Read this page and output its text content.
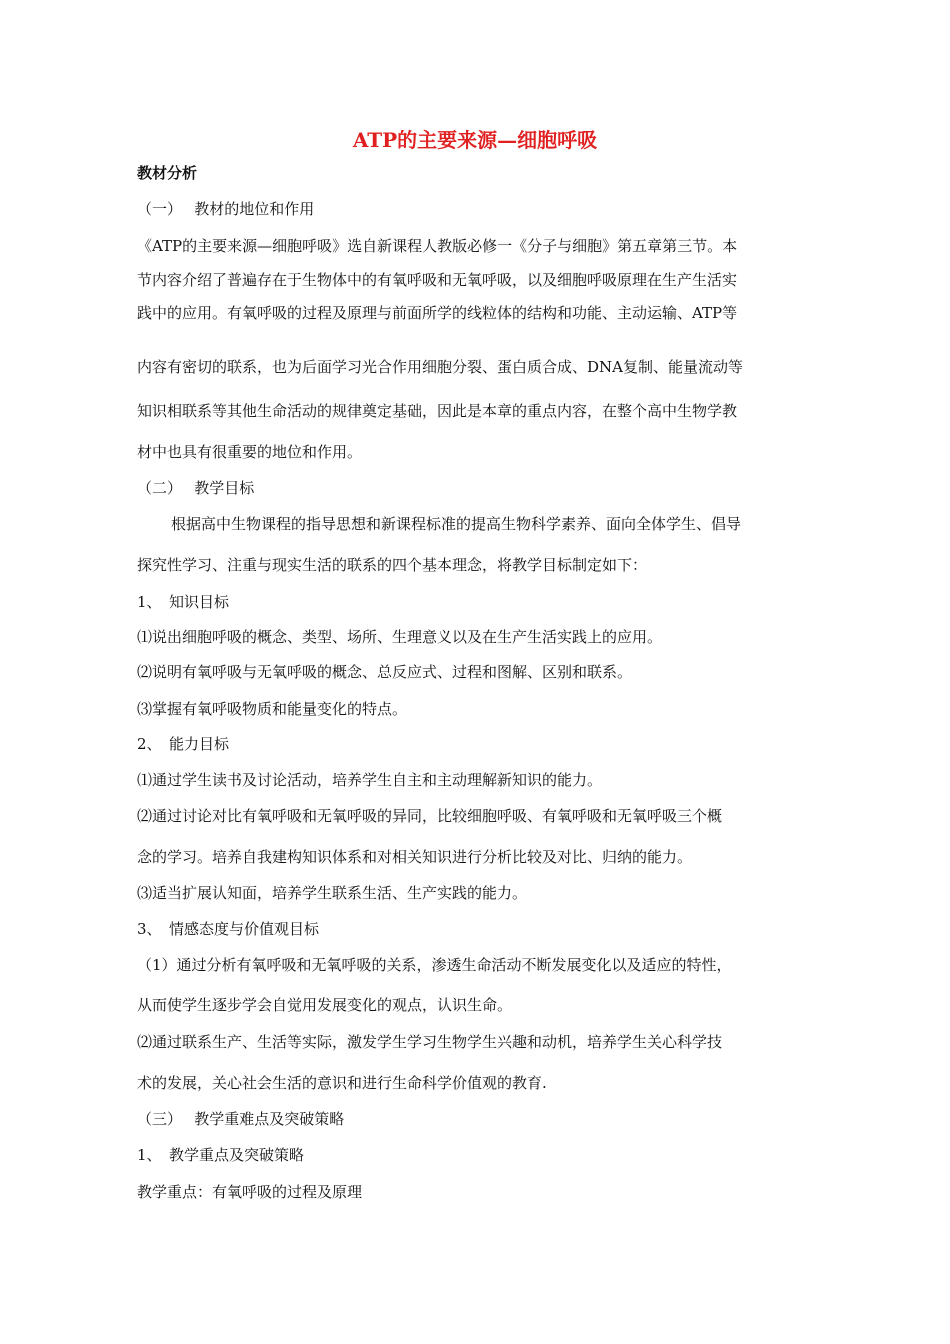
ATP的主要来源—细胞呼吸

教材分析

（一）　 教材的地位和作用

《ATP的主要来源—细胞呼吸》选自新课程人教版必修一《分子与细胞》第五章第三节。本

节内容介绍了普遍存在于生物体中的有氧呼吸和无氧呼吸，以及细胞呼吸原理在生产生活实

践中的应用。有氧呼吸的过程及原理与前面所学的线粒体的结构和功能、主动运输、ATP等

内容有密切的联系，也为后面学习光合作用细胞分裂、蛋白质合成、DNA复制、能量流动等

知识相联系等其他生命活动的规律奠定基础，因此是本章的重点内容，在整个高中生物学教

材中也具有很重要的地位和作用。

（二）　 教学目标

根据高中生物课程的指导思想和新课程标准的提高生物科学素养、面向全体学生、倡导

探究性学习、注重与现实生活的联系的四个基本理念，将教学目标制定如下：

1、　知识目标

⑴说出细胞呼吸的概念、类型、场所、生理意义以及在生产生活实践上的应用。

⑵说明有氧呼吸与无氧呼吸的概念、总反应式、过程和图解、区别和联系。

⑶掌握有氧呼吸物质和能量变化的特点。

2、　能力目标

⑴通过学生读书及讨论活动，培养学生自主和主动理解新知识的能力。

⑵通过讨论对比有氧呼吸和无氧呼吸的异同，比较细胞呼吸、有氧呼吸和无氧呼吸三个概

念的学习。培养自我建构知识体系和对相关知识进行分析比较及对比、归纳的能力。

⑶适当扩展认知面，培养学生联系生活、生产实践的能力。

3、　情感态度与价值观目标

（1）通过分析有氧呼吸和无氧呼吸的关系，渗透生命活动不断发展变化以及适应的特性，

从而使学生逐步学会自觉用发展变化的观点，认识生命。

⑵通过联系生产、生活等实际，激发学生学习生物学生兴趣和动机，培养学生关心科学技

术的发展，关心社会生活的意识和进行生命科学价值观的教育.

（三）　 教学重难点及突破策略

1、　教学重点及突破策略

教学重点：有氧呼吸的过程及原理
